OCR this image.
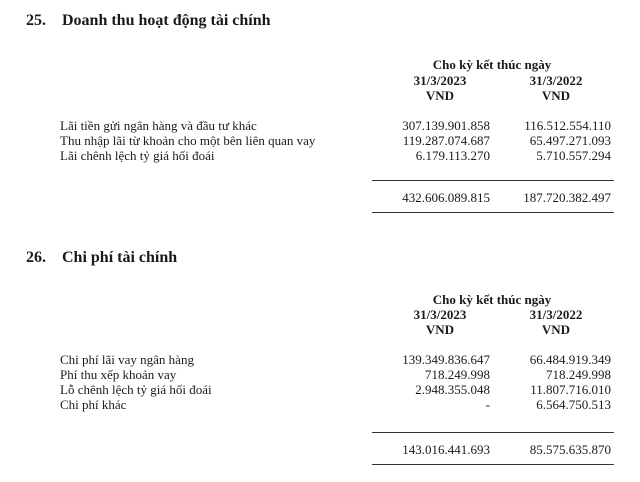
25. Doanh thu hoạt động tài chính
Cho kỳ kết thúc ngày
31/3/2023	31/3/2022
VND	VND
Lãi tiền gửi ngân hàng và đầu tư khác	307.139.901.858	116.512.554.110
Thu nhập lãi từ khoản cho một bên liên quan vay	119.287.074.687	65.497.271.093
Lãi chênh lệch tỷ giá hối đoái	6.179.113.270	5.710.557.294
432.606.089.815	187.720.382.497
26. Chi phí tài chính
Cho kỳ kết thúc ngày
31/3/2023	31/3/2022
VND	VND
Chi phí lãi vay ngân hàng	139.349.836.647	66.484.919.349
Phí thu xếp khoản vay	718.249.998	718.249.998
Lỗ chênh lệch tỷ giá hối đoái	2.948.355.048	11.807.716.010
Chi phí khác	-	6.564.750.513
143.016.441.693	85.575.635.870
